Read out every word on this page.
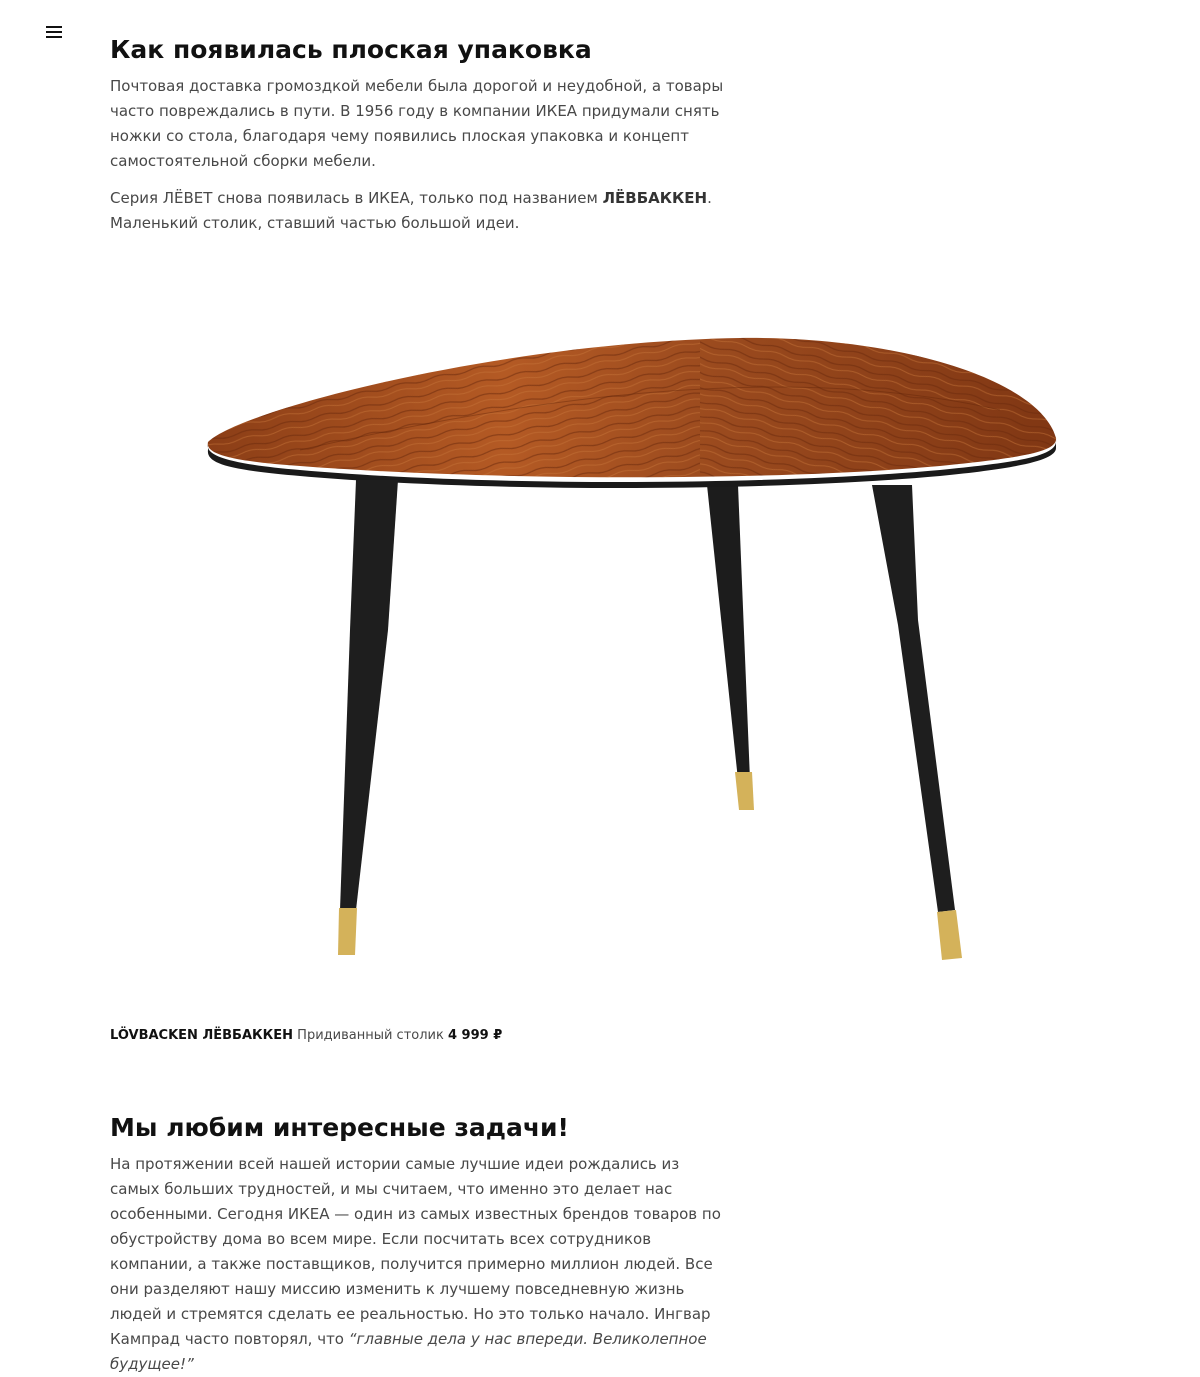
Как появилась плоская упаковка

Почтовая доставка громоздкой мебели была дорогой и неудобной, а товары часто повреждались в пути. В 1956 году в компании ИКЕА придумали снять ножки со стола, благодаря чему появились плоская упаковка и концепт самостоятельной сборки мебели.

Серия ЛЁВЕТ снова появилась в ИКЕА, только под названием ЛЁВБАККЕН. Маленький столик, ставший частью большой идеи.

LÖVBACKEN ЛЁВБАККЕН Придиванный столик 4 999 ₽
Мы любим интересные задачи!

На протяжении всей нашей истории самые лучшие идеи рождались из самых больших трудностей, и мы считаем, что именно это делает нас особенными. Сегодня ИКЕА — один из самых известных брендов товаров по обустройству дома во всем мире. Если посчитать всех сотрудников компании, а также поставщиков, получится примерно миллион людей. Все они разделяют нашу миссию изменить к лучшему повседневную жизнь людей и стремятся сделать ее реальностью. Но это только начало. Ингвар Кампрад часто повторял, что “главные дела у нас впереди. Великолепное будущее!”
